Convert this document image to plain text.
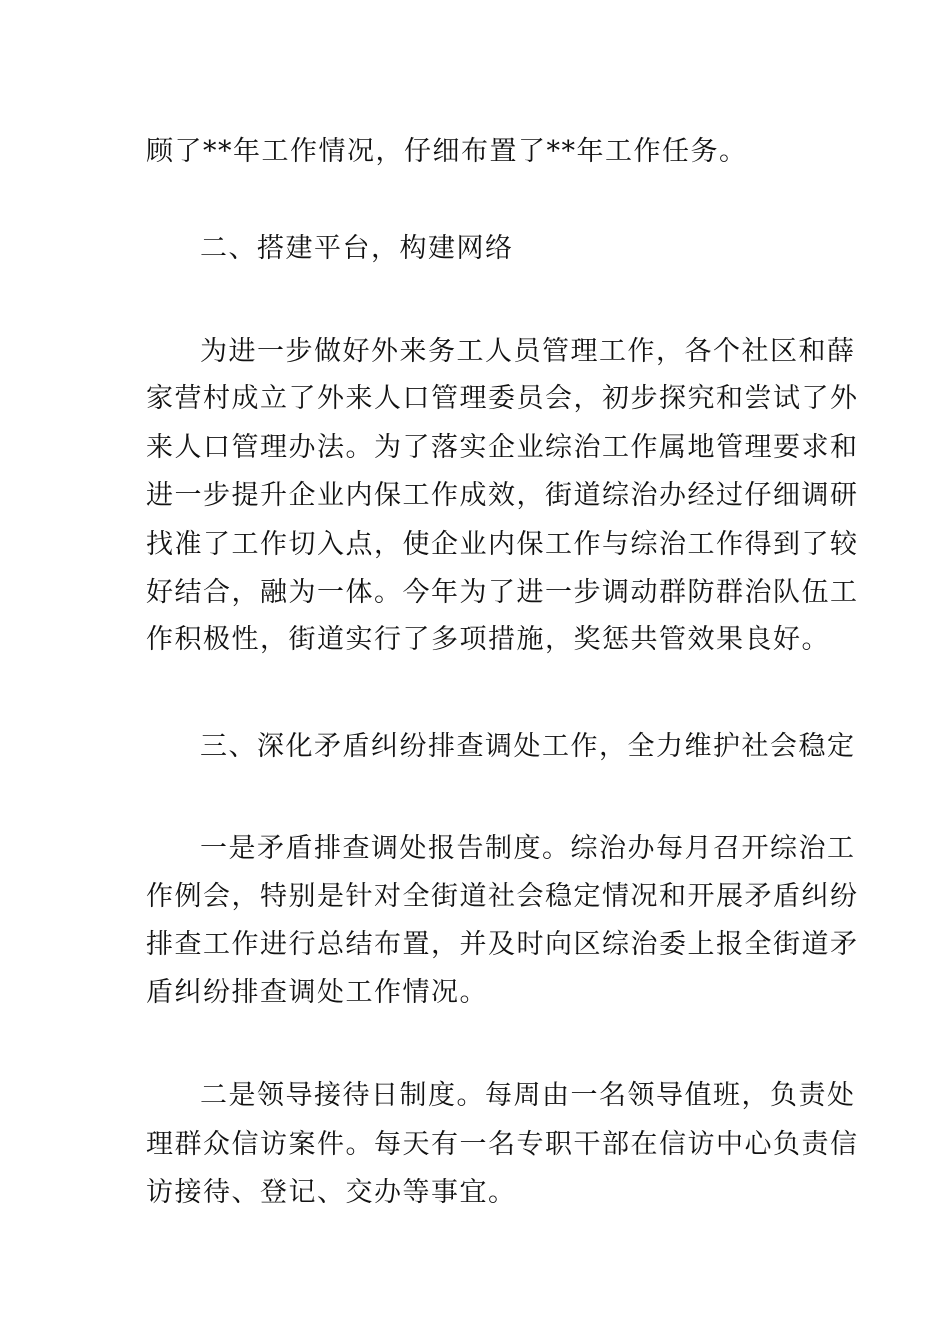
顾了**年工作情况，仔细布置了**年工作任务。
二、搭建平台，构建网络
为进一步做好外来务工人员管理工作，各个社区和薛
家营村成立了外来人口管理委员会，初步探究和尝试了外
来人口管理办法。为了落实企业综治工作属地管理要求和
进一步提升企业内保工作成效，街道综治办经过仔细调研
找准了工作切入点，使企业内保工作与综治工作得到了较
好结合，融为一体。今年为了进一步调动群防群治队伍工
作积极性，街道实行了多项措施，奖惩共管效果良好。
三、深化矛盾纠纷排查调处工作，全力维护社会稳定
一是矛盾排查调处报告制度。综治办每月召开综治工
作例会，特别是针对全街道社会稳定情况和开展矛盾纠纷
排查工作进行总结布置，并及时向区综治委上报全街道矛
盾纠纷排查调处工作情况。
二是领导接待日制度。每周由一名领导值班，负责处
理群众信访案件。每天有一名专职干部在信访中心负责信
访接待、登记、交办等事宜。
